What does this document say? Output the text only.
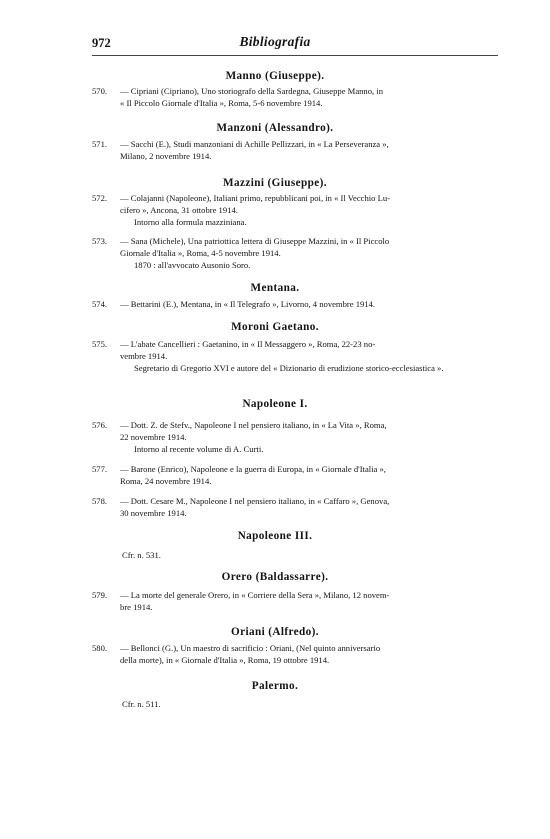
972	Bibliografia
Manno (Giuseppe).
570. — Cipriani (Cipriano), Uno storiografo della Sardegna, Giuseppe Manno, in

« Il Piccolo Giornale d'Italia », Roma, 5-6 novembre 1914.

Manzoni (Alessandro).
571. — Sacchi (E.), Studi manzoniani di Achille Pellizzari, in « La Perseveranza »,

Milano, 2 novembre 1914.

Mazzini (Giuseppe).
572. — Colajanni (Napoleone), Italiani primo, repubblicani poi, in « Il Vecchio Lu-

cifero », Ancona, 31 ottobre 1914.

Intorno alla formula mazziniana.

573. — Sana (Michele), Una patriottica lettera di Giuseppe Mazzini, in « Il Piccolo

Giornale d'Italia », Roma, 4-5 novembre 1914.

1870 : all'avvocato Ausonio Soro.

Mentana.
574. — Bettarini (E.), Mentana, in « Il Telegrafo », Livorno, 4 novembre 1914.

Moroni Gaetano.
575. — L'abate Cancellieri : Gaetanino, in « Il Messaggero », Roma, 22-23 no-

vembre 1914.

Segretario di Gregorio XVI e autore del « Dizionario di erudizione storico-ecclesiastica ».

Napoleone I.
576. — Dott. Z. de Stefv., Napoleone I nel pensiero italiano, in « La Vita », Roma,

22 novembre 1914.

Intorno al recente volume di A. Curti.

577. — Barone (Enrico), Napoleone e la guerra di Europa, in « Giornale d'Italia »,

Roma, 24 novembre 1914.

578. — Dott. Cesare M., Napoleone I nel pensiero italiano, in « Caffaro », Genova,

30 novembre 1914.

Napoleone III.
Cfr. n. 531.
Orero (Baldassarre).
579. — La morte del generale Orero, in « Corriere della Sera », Milano, 12 novem-

bre 1914.

Oriani (Alfredo).
580. — Bellonci (G.), Un maestro di sacrificio : Oriani, (Nel quinto anniversario

della morte), in « Giornale d'Italia », Roma, 19 ottobre 1914.

Palermo.
Cfr. n. 511.
